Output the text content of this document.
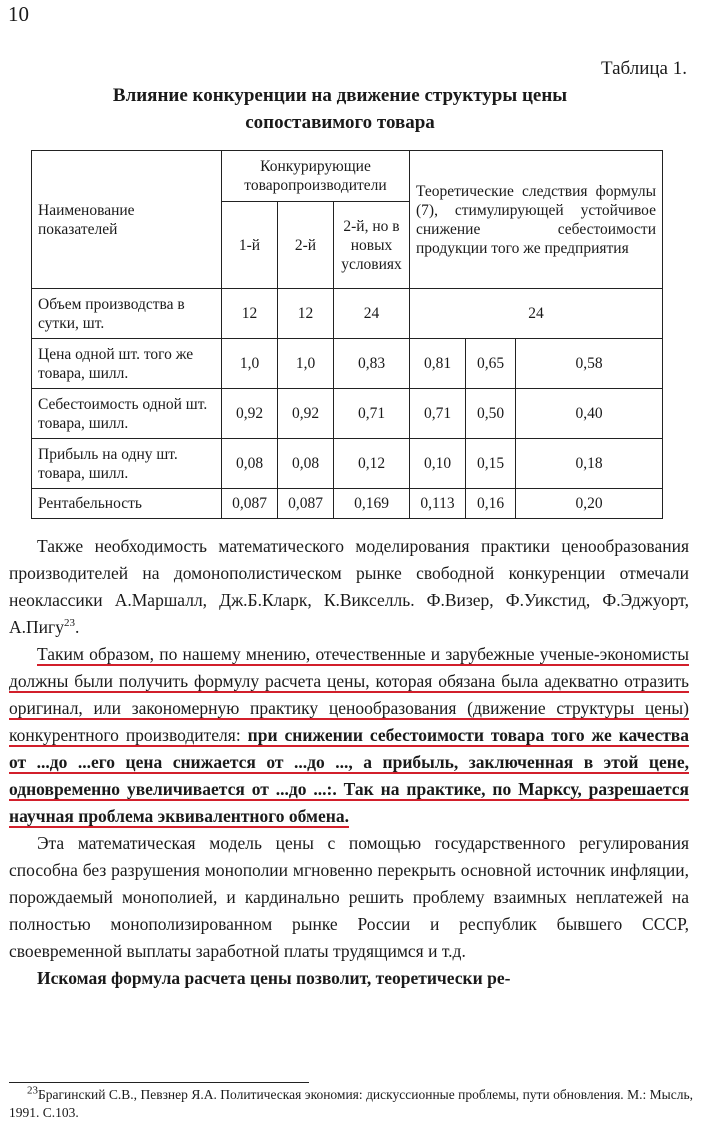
10
Таблица 1.
Влияние конкуренции на движение структуры цены
сопоставимого товара
Наименование показателей	Конкурирующие товаропроизводители			Теоретические следствия формулы (7), стимулирующей устойчивое снижение себестоимости продукции того же предприятия		
	1-й	2-й	2-й, но в новых условиях			
Объем производства в сутки, шт.	12	12	24	24		
Цена одной шт. того же товара, шилл.	1,0	1,0	0,83	0,81	0,65	0,58
Себестоимость одной шт. товара, шилл.	0,92	0,92	0,71	0,71	0,50	0,40
Прибыль на одну шт. товара, шилл.	0,08	0,08	0,12	0,10	0,15	0,18
Рентабельность	0,087	0,087	0,169	0,113	0,16	0,20

Также необходимость математического моделирования практики ценообразования производителей на домонополистическом рынке свободной конкуренции отмечали неоклассики А.Маршалл, Дж.Б.Кларк, К.Викселль. Ф.Визер, Ф.Уикстид, Ф.Эджуорт, А.Пигу$^{23}$.

Таким образом, по нашему мнению, отечественные и зарубежные ученые-экономисты должны были получить формулу расчета цены, которая обязана была адекватно отразить оригинал, или закономерную практику ценообразования (движение структуры цены) конкурентного производителя: при снижении себестоимости товара того же качества от ...до ...его цена снижается от ...до ..., а прибыль, заключенная в этой цене, одновременно увеличивается от ...до ...:. Так на практике, по Марксу, разрешается научная проблема эквивалентного обмена.

Эта математическая модель цены с помощью государственного регулирования способна без разрушения монополии мгновенно перекрыть основной источник инфляции, порождаемый монополией, и кардинально решить проблему взаимных неплатежей на полностью монополизированном рынке России и республик бывшего СССР, своевременной выплаты заработной платы трудящимся и т.д.

Искомая формула расчета цены позволит, теоретически ре-

$^{23}$Брагинский С.В., Певзнер Я.А. Политическая экономия: дискуссионные проблемы, пути обновления. М.: Мысль, 1991. С.103.
